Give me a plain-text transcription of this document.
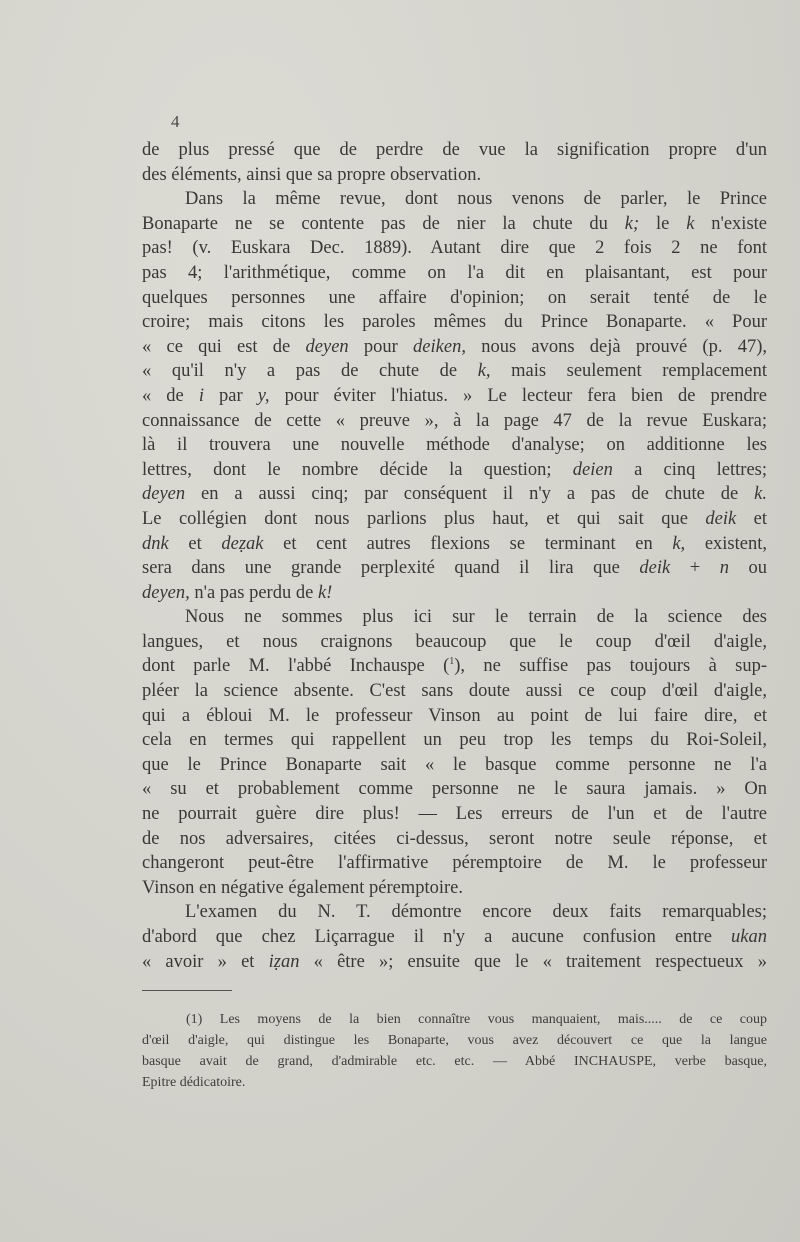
4
de plus pressé que de perdre de vue la signification propre d'un
des éléments, ainsi que sa propre observation.
Dans la même revue, dont nous venons de parler, le Prince
Bonaparte ne se contente pas de nier la chute du k; le k n'existe
pas! (v. Euskara Dec. 1889). Autant dire que 2 fois 2 ne font
pas 4; l'arithmétique, comme on l'a dit en plaisantant, est pour
quelques personnes une affaire d'opinion; on serait tenté de le
croire; mais citons les paroles mêmes du Prince Bonaparte. « Pour
« ce qui est de deyen pour deiken, nous avons dejà prouvé (p. 47),
« qu'il n'y a pas de chute de k, mais seulement remplacement
« de i par y, pour éviter l'hiatus. » Le lecteur fera bien de prendre
connaissance de cette « preuve », à la page 47 de la revue Euskara;
là il trouvera une nouvelle méthode d'analyse; on additionne les
lettres, dont le nombre décide la question; deien a cinq lettres;
deyen en a aussi cinq; par conséquent il n'y a pas de chute de k.
Le collégien dont nous parlions plus haut, et qui sait que deik et
dnk et deẓak et cent autres flexions se terminant en k, existent,
sera dans une grande perplexité quand il lira que deik + n ou
deyen, n'a pas perdu de k!
Nous ne sommes plus ici sur le terrain de la science des
langues, et nous craignons beaucoup que le coup d'œil d'aigle,
dont parle M. l'abbé Inchauspe ($^1$), ne suffise pas toujours à sup-
pléer la science absente. C'est sans doute aussi ce coup d'œil d'aigle,
qui a ébloui M. le professeur Vinson au point de lui faire dire, et
cela en termes qui rappellent un peu trop les temps du Roi-Soleil,
que le Prince Bonaparte sait « le basque comme personne ne l'a
« su et probablement comme personne ne le saura jamais. » On
ne pourrait guère dire plus! — Les erreurs de l'un et de l'autre
de nos adversaires, citées ci-dessus, seront notre seule réponse, et
changeront peut-être l'affirmative péremptoire de M. le professeur
Vinson en négative également péremptoire.
L'examen du N. T. démontre encore deux faits remarquables;
d'abord que chez Liçarrague il n'y a aucune confusion entre ukan
« avoir » et iẓan « être »; ensuite que le « traitement respectueux »
(1) Les moyens de la bien connaître vous manquaient, mais..... de ce coup
d'œil d'aigle, qui distingue les Bonaparte, vous avez découvert ce que la langue
basque avait de grand, d'admirable etc. etc. — Abbé INCHAUSPE, verbe basque,
Epitre dédicatoire.
